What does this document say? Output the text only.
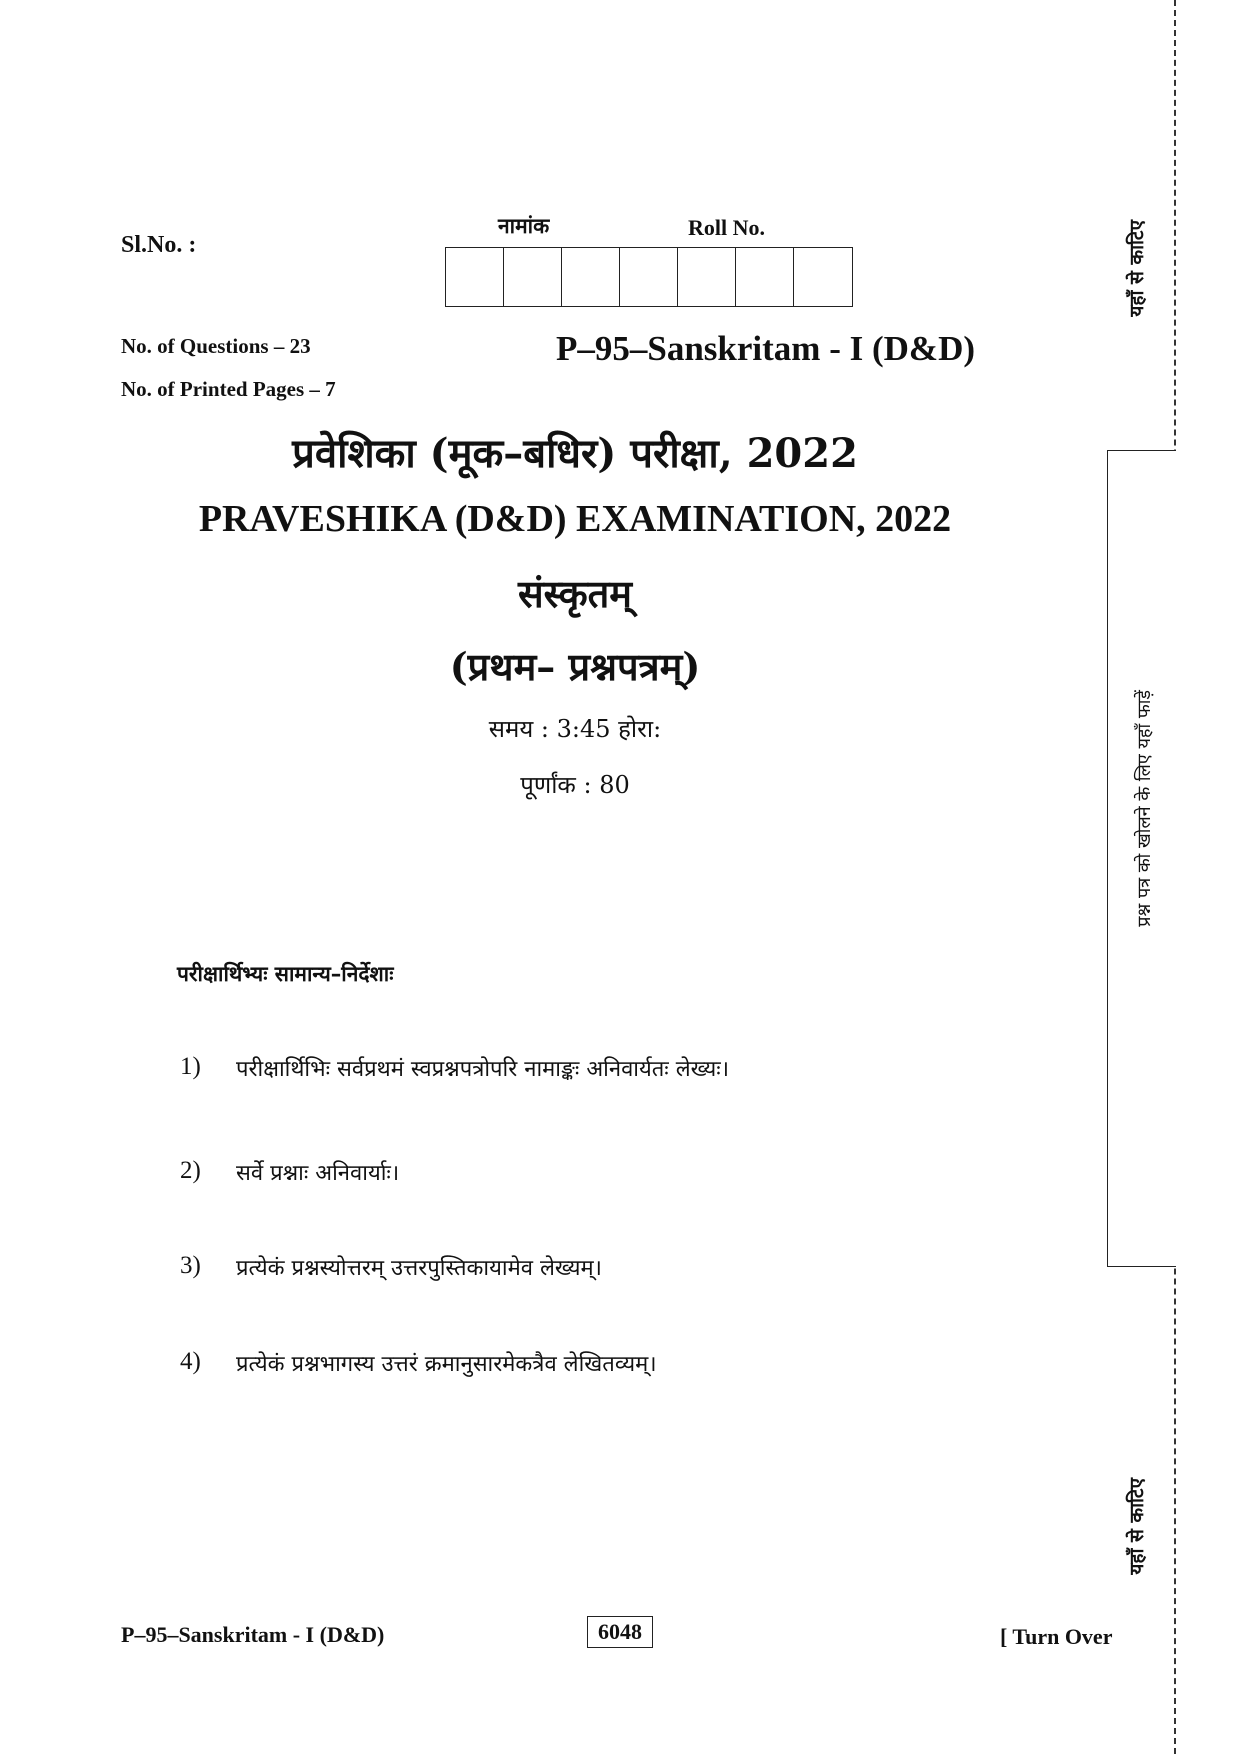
Sl.No. :
नामांक	Roll No.
No. of Questions – 23
No. of Printed Pages – 7
P–95–Sanskritam - I (D&D)
प्रवेशिका (मूक–बधिर) परीक्षा, 2022
PRAVESHIKA (D&D) EXAMINATION, 2022
संस्कृतम्
(प्रथम– प्रश्नपत्रम्)
समय : 3:45 होरा:
पूर्णांक : 80
परीक्षार्थिभ्यः सामान्य–निर्देशाः
1)	परीक्षार्थिभिः सर्वप्रथमं स्वप्रश्नपत्रोपरि नामाङ्कः अनिवार्यतः लेख्यः।
2)	सर्वे प्रश्नाः अनिवार्याः।
3)	प्रत्येकं प्रश्नस्योत्तरम् उत्तरपुस्तिकायामेव लेख्यम्।
4)	प्रत्येकं प्रश्नभागस्य उत्तरं क्रमानुसारमेकत्रैव लेखितव्यम्।
P–95–Sanskritam - I (D&D)	6048	[ Turn Over
यहाँ से काटिए
प्रश्न पत्र को खोलने के लिए यहाँ फाड़ें
यहाँ से काटिए
